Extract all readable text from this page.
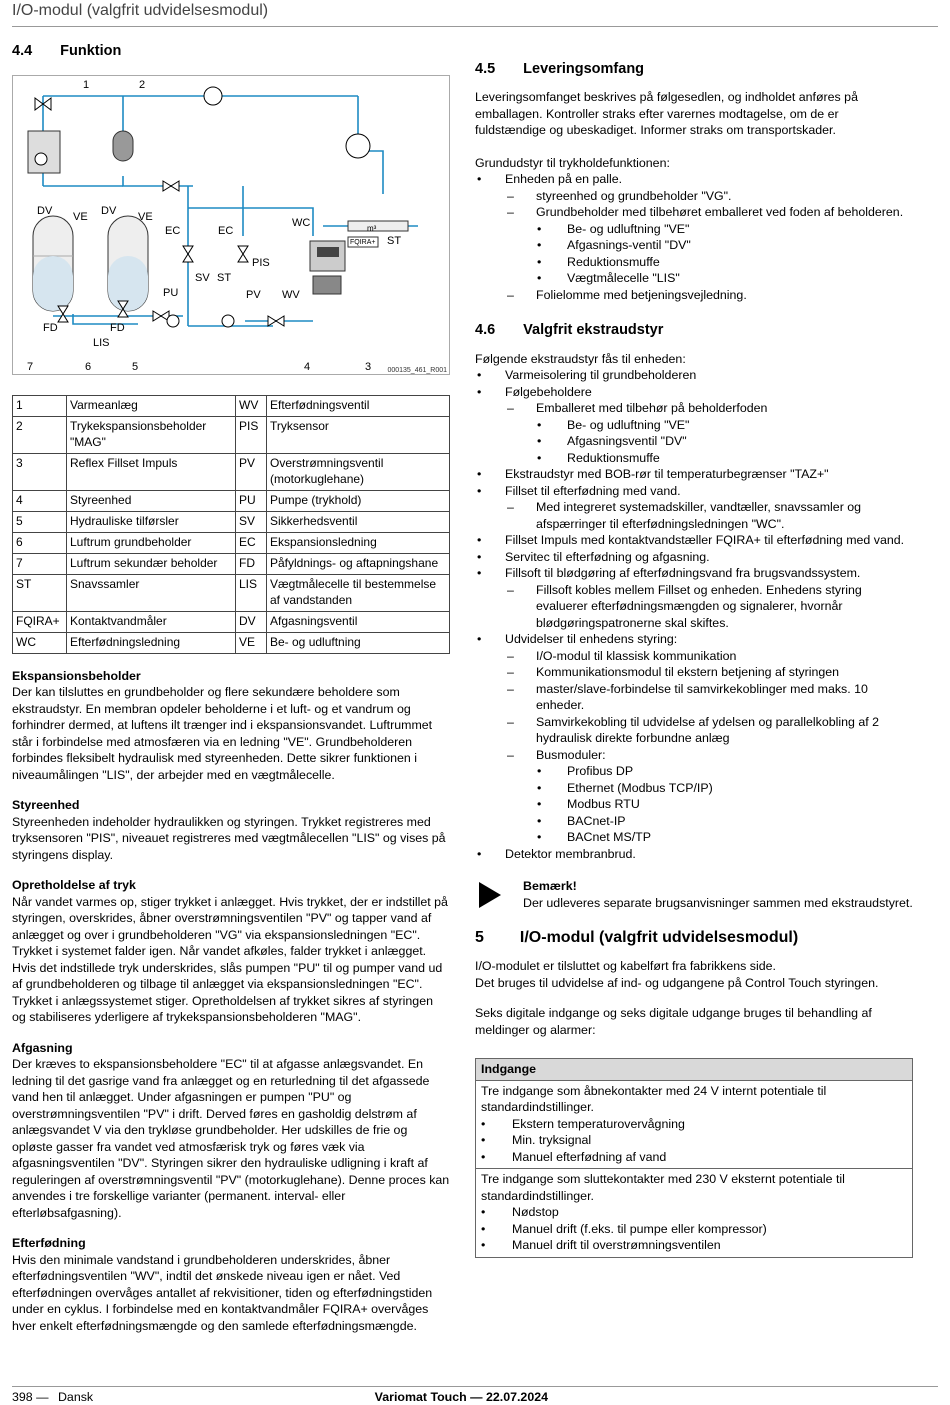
I/O-modul (valgfrit udvidelsesmodul)
4.4 Funktion
1	2
DV VE DV VE
EC	EC
WC
PIS
SV ST
PU	PV WV
FD	FD
LIS
m³
FQIRA+ ST
7	6	5	4	3 000135_461_R001
1	Varmeanlæg	WV	Efterfødningsventil
2	Trykekspansionsbeholder "MAG"	PIS	Tryksensor
3	Reflex Fillset Impuls	PV	Overstrømningsventil (motorkuglehane)
4	Styreenhed	PU	Pumpe (trykhold)
5	Hydrauliske tilførsler	SV	Sikkerhedsventil
6	Luftrum grundbeholder	EC	Ekspansionsledning
7	Luftrum sekundær beholder	FD	Påfyldnings- og aftapningshane
ST	Snavssamler	LIS	Vægtmålecelle til bestemmelse af vandstanden
FQIRA+	Kontaktvandmåler	DV	Afgasningsventil
WC	Efterfødningsledning	VE	Be- og udluftning
Ekspansionsbeholder

Der kan tilsluttes en grundbeholder og flere sekundære beholdere som ekstraudstyr. En membran opdeler beholderne i et luft- og et vandrum og forhindrer dermed, at luftens ilt trænger ind i ekspansionsvandet. Luftrummet står i forbindelse med atmosfæren via en ledning "VE". Grundbeholderen forbindes fleksibelt hydraulisk med styreenheden. Dette sikrer funktionen i niveaumålingen "LIS", der arbejder med en vægtmålecelle.

Styreenhed

Styreenheden indeholder hydraulikken og styringen. Trykket registreres med tryksensoren "PIS", niveauet registreres med vægtmålecellen "LIS" og vises på styringens display.

Opretholdelse af tryk

Når vandet varmes op, stiger trykket i anlægget. Hvis trykket, der er indstillet på styringen, overskrides, åbner overstrømningsventilen "PV" og tapper vand af anlægget og over i grundbeholderen "VG" via ekspansionsledningen "EC". Trykket i systemet falder igen. Når vandet afkøles, falder trykket i anlægget. Hvis det indstillede tryk underskrides, slås pumpen "PU" til og pumper vand ud af grundbeholderen og tilbage til anlægget via ekspansionsledningen "EC". Trykket i anlægssystemet stiger. Opretholdelsen af trykket sikres af styringen og stabiliseres yderligere af trykekspansionsbeholderen "MAG".

Afgasning

Der kræves to ekspansionsbeholdere "EC" til at afgasse anlægsvandet. En ledning til det gasrige vand fra anlægget og en returledning til det afgassede vand hen til anlægget. Under afgasningen er pumpen "PU" og overstrømningsventilen "PV" i drift. Derved føres en gasholdig delstrøm af anlægsvandet V via den trykløse grundbeholder. Her udskilles de frie og opløste gasser fra vandet ved atmosfærisk tryk og føres væk via afgasningsventilen "DV". Styringen sikrer den hydrauliske udligning i kraft af reguleringen af overstrømningsventil "PV" (motorkuglehane). Denne proces kan anvendes i tre forskellige varianter (permanent. interval- eller efterløbsafgasning).

Efterfødning

Hvis den minimale vandstand i grundbeholderen underskrides, åbner efterfødningsventilen "WV", indtil det ønskede niveau igen er nået. Ved efterfødningen overvåges antallet af rekvisitioner, tiden og efterfødningstiden under en cyklus. I forbindelse med en kontaktvandmåler FQIRA+ overvåges hver enkelt efterfødningsmængde og den samlede efterfødningsmængde.

4.5 Leveringsomfang

Leveringsomfanget beskrives på følgesedlen, og indholdet anføres på emballagen. Kontroller straks efter varernes modtagelse, om de er fuldstændige og ubeskadiget. Informer straks om transportskader.

Grundudstyr til trykholdefunktionen:

• Enheden på en palle.
– styreenhed og grundbeholder "VG".
– Grundbeholder med tilbehøret emballeret ved foden af beholderen.
• Be- og udluftning "VE"
• Afgasnings-ventil "DV"
• Reduktionsmuffe
• Vægtmålecelle "LIS"
– Folielomme med betjeningsvejledning.
4.6 Valgfrit ekstraudstyr

Følgende ekstraudstyr fås til enheden:

• Varmeisolering til grundbeholderen
• Følgebeholdere
– Emballeret med tilbehør på beholderfoden
• Be- og udluftning "VE"
• Afgasningsventil "DV"
• Reduktionsmuffe
• Ekstraudstyr med BOB-rør til temperaturbegrænser "TAZ+"
• Fillset til efterfødning med vand.
– Med integreret systemadskiller, vandtæller, snavssamler og afspærringer til efterfødningsledningen "WC".
• Fillset Impuls med kontaktvandstæller FQIRA+ til efterfødning med vand.
• Servitec til efterfødning og afgasning.
• Fillsoft til blødgøring af efterfødningsvand fra brugsvandssystem.
– Fillsoft kobles mellem Fillset og enheden. Enhedens styring evaluerer efterfødningsmængden og signalerer, hvornår blødgøringspatronerne skal skiftes.
• Udvidelser til enhedens styring:
– I/O-modul til klassisk kommunikation
– Kommunikationsmodul til ekstern betjening af styringen
– master/slave-forbindelse til samvirkekoblinger med maks. 10 enheder.
– Samvirkekobling til udvidelse af ydelsen og parallelkobling af 2 hydraulisk direkte forbundne anlæg
– Busmoduler:
• Profibus DP
• Ethernet (Modbus TCP/IP)
• Modbus RTU
• BACnet-IP
• BACnet MS/TP
• Detektor membranbrud.
Bemærk!
Der udleveres separate brugsanvisninger sammen med ekstraudstyret.
5 I/O-modul (valgfrit udvidelsesmodul)

I/O-modulet er tilsluttet og kabelført fra fabrikkens side.

Det bruges til udvidelse af ind- og udgangene på Control Touch styringen.

Seks digitale indgange og seks digitale udgange bruges til behandling af meldinger og alarmer:

Indgange
Tre indgange som åbnekontakter med 24 V internt potentiale til standardindstillinger.
• Ekstern temperaturovervågning
• Min. tryksignal
• Manuel efterfødning af vand
Tre indgange som sluttekontakter med 230 V eksternt potentiale til standardindstillinger.
• Nødstop
• Manuel drift (f.eks. til pumpe eller kompressor)
• Manuel drift til overstrømningsventilen
398 — Dansk	Variomat Touch — 22.07.2024
